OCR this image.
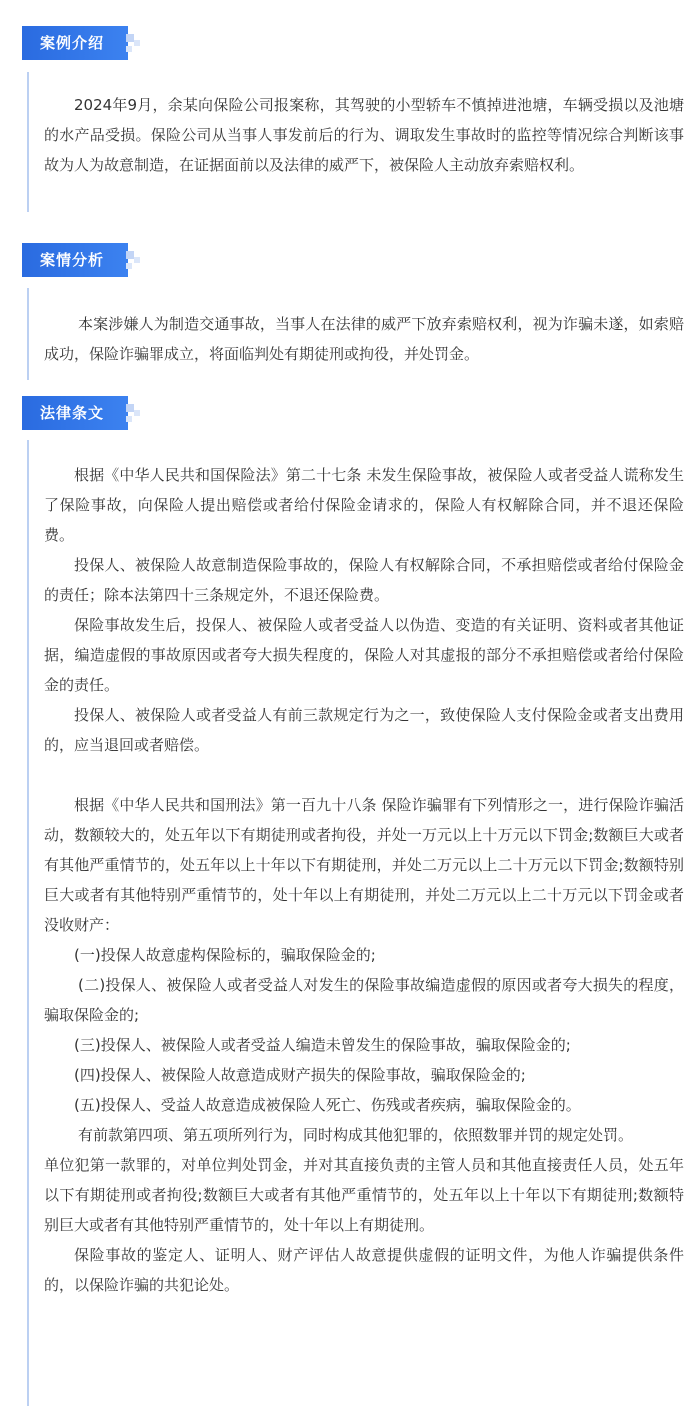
案例介绍

2024年9月，余某向保险公司报案称，其驾驶的小型轿车不慎掉进池塘，车辆受损以及池塘的水产品受损。保险公司从当事人事发前后的行为、调取发生事故时的监控等情况综合判断该事故为人为故意制造，在证据面前以及法律的威严下，被保险人主动放弃索赔权利。

案情分析

本案涉嫌人为制造交通事故，当事人在法律的威严下放弃索赔权利，视为诈骗未遂，如索赔成功，保险诈骗罪成立，将面临判处有期徒刑或拘役，并处罚金。

法律条文

根据《中华人民共和国保险法》第二十七条 未发生保险事故，被保险人或者受益人谎称发生了保险事故，向保险人提出赔偿或者给付保险金请求的，保险人有权解除合同，并不退还保险费。

投保人、被保险人故意制造保险事故的，保险人有权解除合同，不承担赔偿或者给付保险金的责任；除本法第四十三条规定外，不退还保险费。

保险事故发生后，投保人、被保险人或者受益人以伪造、变造的有关证明、资料或者其他证据，编造虚假的事故原因或者夸大损失程度的，保险人对其虚报的部分不承担赔偿或者给付保险金的责任。

投保人、被保险人或者受益人有前三款规定行为之一，致使保险人支付保险金或者支出费用的，应当退回或者赔偿。

根据《中华人民共和国刑法》第一百九十八条 保险诈骗罪有下列情形之一，进行保险诈骗活动，数额较大的，处五年以下有期徒刑或者拘役，并处一万元以上十万元以下罚金;数额巨大或者有其他严重情节的，处五年以上十年以下有期徒刑，并处二万元以上二十万元以下罚金;数额特别巨大或者有其他特别严重情节的，处十年以上有期徒刑，并处二万元以上二十万元以下罚金或者没收财产：

(一)投保人故意虚构保险标的，骗取保险金的;

(二)投保人、被保险人或者受益人对发生的保险事故编造虚假的原因或者夸大损失的程度，骗取保险金的;

(三)投保人、被保险人或者受益人编造未曾发生的保险事故，骗取保险金的;

(四)投保人、被保险人故意造成财产损失的保险事故，骗取保险金的;

(五)投保人、受益人故意造成被保险人死亡、伤残或者疾病，骗取保险金的。

有前款第四项、第五项所列行为，同时构成其他犯罪的，依照数罪并罚的规定处罚。

单位犯第一款罪的，对单位判处罚金，并对其直接负责的主管人员和其他直接责任人员，处五年以下有期徒刑或者拘役;数额巨大或者有其他严重情节的，处五年以上十年以下有期徒刑;数额特别巨大或者有其他特别严重情节的，处十年以上有期徒刑。

保险事故的鉴定人、证明人、财产评估人故意提供虚假的证明文件，为他人诈骗提供条件的，以保险诈骗的共犯论处。
